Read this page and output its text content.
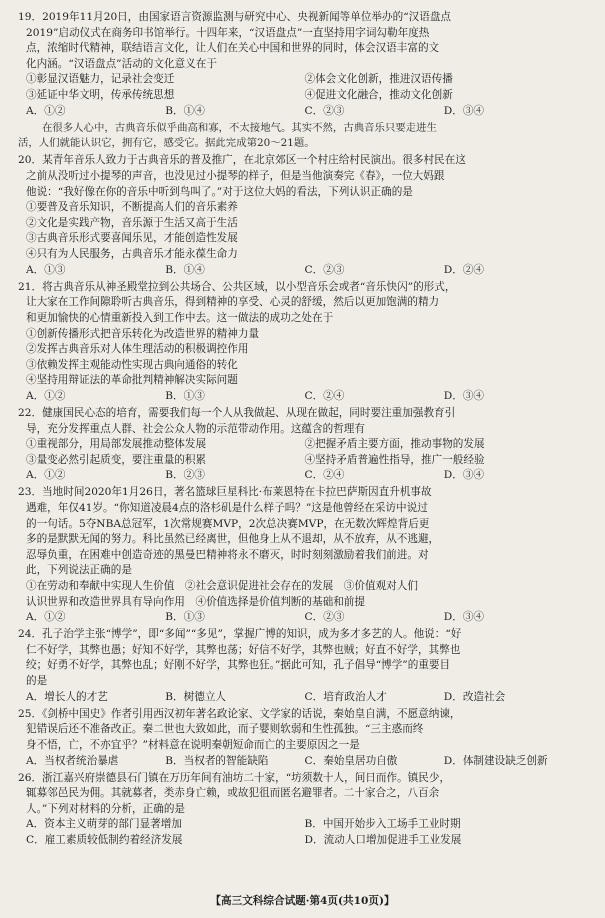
19．2019年11月20日，由国家语言资源监测与研究中心、央视新闻等单位举办的“汉语盘点
2019”启动仪式在商务印书馆举行。十四年来，“汉语盘点”一直坚持用字词勾勒年度热
点，浓缩时代精神，联结语言文化，让人们在关心中国和世界的同时，体会汉语丰富的文
化内涵。“汉语盘点”活动的文化意义在于
①彰显汉语魅力，记录社会变迁	②体会文化创新，推进汉语传播
③延证中华文明，传承传统思想	④促进文化融合，推动文化创新
A．①②	B．①④	C．②③	D．③④
在很多人心中，古典音乐似乎曲高和寡，不太接地气。其实不然，古典音乐只要走进生
活，人们就能认识它，拥有它，感受它。据此完成第20～21题。
20．某青年音乐人致力于古典音乐的普及推广，在北京郊区一个村庄给村民演出。很多村民在这
之前从没听过小提琴的声音，也没见过小提琴的样子，但是当他演奏完《春》，一位大妈跟
他说：“我好像在你的音乐中听到鸟叫了。”对于这位大妈的看法，下列认识正确的是
①要普及音乐知识，不断提高人们的音乐素养
②文化是实践产物，音乐源于生活又高于生活
③古典音乐形式要喜闻乐见，才能创造性发展
④只有为人民服务，古典音乐才能永葆生命力
A．①③	B．①④	C．②③	D．②④
21．将古典音乐从神圣殿堂拉到公共场合、公共区域，以小型音乐会或者“音乐快闪”的形式，
让大家在工作间隙聆听古典音乐，得到精神的享受、心灵的舒缓，然后以更加饱满的精力
和更加愉快的心情重新投入到工作中去。这一做法的成功之处在于
①创新传播形式把音乐转化为改造世界的精神力量
②发挥古典音乐对人体生理活动的积极调控作用
③依赖发挥主观能动性实现古典向通俗的转化
④坚持用辩证法的革命批判精神解决实际问题
A．①②	B．①③	C．②④	D．③④
22．健康国民心态的培育，需要我们每一个人从我做起、从现在做起，同时要注重加强教育引
导，充分发挥重点人群、社会公众人物的示范带动作用。这蕴含的哲理有
①重视部分，用局部发展推动整体发展	②把握矛盾主要方面，推动事物的发展
③量变必然引起质变，要注重量的积累	④坚持矛盾普遍性指导，推广一般经验
A．①②	B．②③	C．②④	D．③④
23．当地时间2020年1月26日，著名篮球巨星科比·布莱恩特在卡拉巴萨斯因直升机事故
遇难，年仅41岁。“你知道凌晨4点的洛杉矶是什么样子吗？”这是他曾经在采访中说过
的一句话。5夺NBA总冠军，1次常规赛MVP，2次总决赛MVP，在无数次辉煌背后更
多的是默默无闻的努力。科比虽然已经离世，但他身上从不退却，从不放弃，从不逃避，
忍辱负重，在困难中创造奇迹的黑曼巴精神将永不磨灭，时时刻刻激励着我们前进。对
此，下列说法正确的是
①在劳动和奉献中实现人生价值　②社会意识促进社会存在的发展　③价值观对人们
认识世界和改造世界具有导向作用　④价值选择是价值判断的基础和前提
A．①②	B．①③	C．②③	D．③④
24．孔子治学主张“博学”，即“多闻”“多见”，掌握广博的知识，成为多才多艺的人。他说：“好
仁不好学，其弊也愚；好知不好学，其弊也荡；好信不好学，其弊也贼；好直不好学，其弊也
绞；好勇不好学，其弊也乱；好刚不好学，其弊也狂。”据此可知，孔子倡导“博学”的重要目
的是
A．增长人的才艺	B．树德立人	C．培育政治人才	D．改造社会
25．《剑桥中国史》作者引用西汉初年著名政论家、文学家的话说，秦始皇自满，不愿意纳谏，
犯错误后还不准备改正。秦二世也大致如此，而子婴则软弱和生性孤独。“三主惑而终
身不悟，亡，不亦宜乎？”材料意在说明秦朝短命而亡的主要原因之一是
A．当权者统治暴虐	B．当权者的智能缺陷	C．秦始皇居功自傲	D．体制建设缺乏创新
26．浙江嘉兴府崇德县石门镇在万历年间有油坊二十家，“坊须数十人，间日而作。镇民少，
辄募邻邑民为佣。其就募者，类赤身亡赖，或故犯徂而匿名避罪者。二十家合之，八百余
人。”下列对材料的分析，正确的是
A．资本主义萌芽的部门显著增加	B．中国开始步入工场手工业时期
C．雇工素质较低制约着经济发展	D．流动人口增加促进手工业发展
【高三文科综合试题·第4页(共10页)】
